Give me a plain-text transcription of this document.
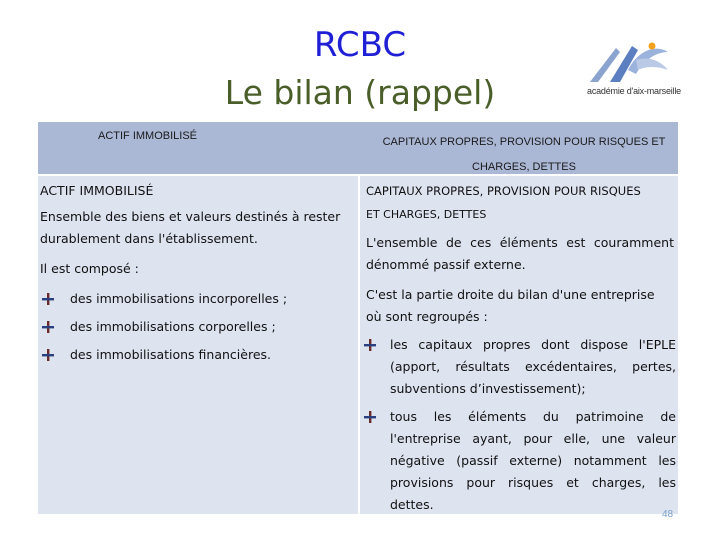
RCBC
Le bilan (rappel)	académie d'aix-marseille
ACTIF IMMOBILISÉ	CAPITAUX PROPRES, PROVISION POUR RISQUES ET
CHARGES, DETTES
ACTIF IMMOBILISÉ
Ensemble des biens et valeurs destinés à rester
durablement dans l'établissement.
Il est composé :
des immobilisations incorporelles ;
des immobilisations corporelles ;
des immobilisations financières.
CAPITAUX PROPRES, PROVISION POUR RISQUES
ET CHARGES, DETTES
L'ensemble de ces éléments est couramment dénommé passif externe.
C'est la partie droite du bilan d'une entreprise où sont regroupés :
les capitaux propres dont dispose l'EPLE (apport, résultats excédentaires, pertes, subventions d’investissement);
tous les éléments du patrimoine de l'entreprise ayant, pour elle, une valeur négative (passif externe) notamment les provisions pour risques et charges, les dettes.
48
